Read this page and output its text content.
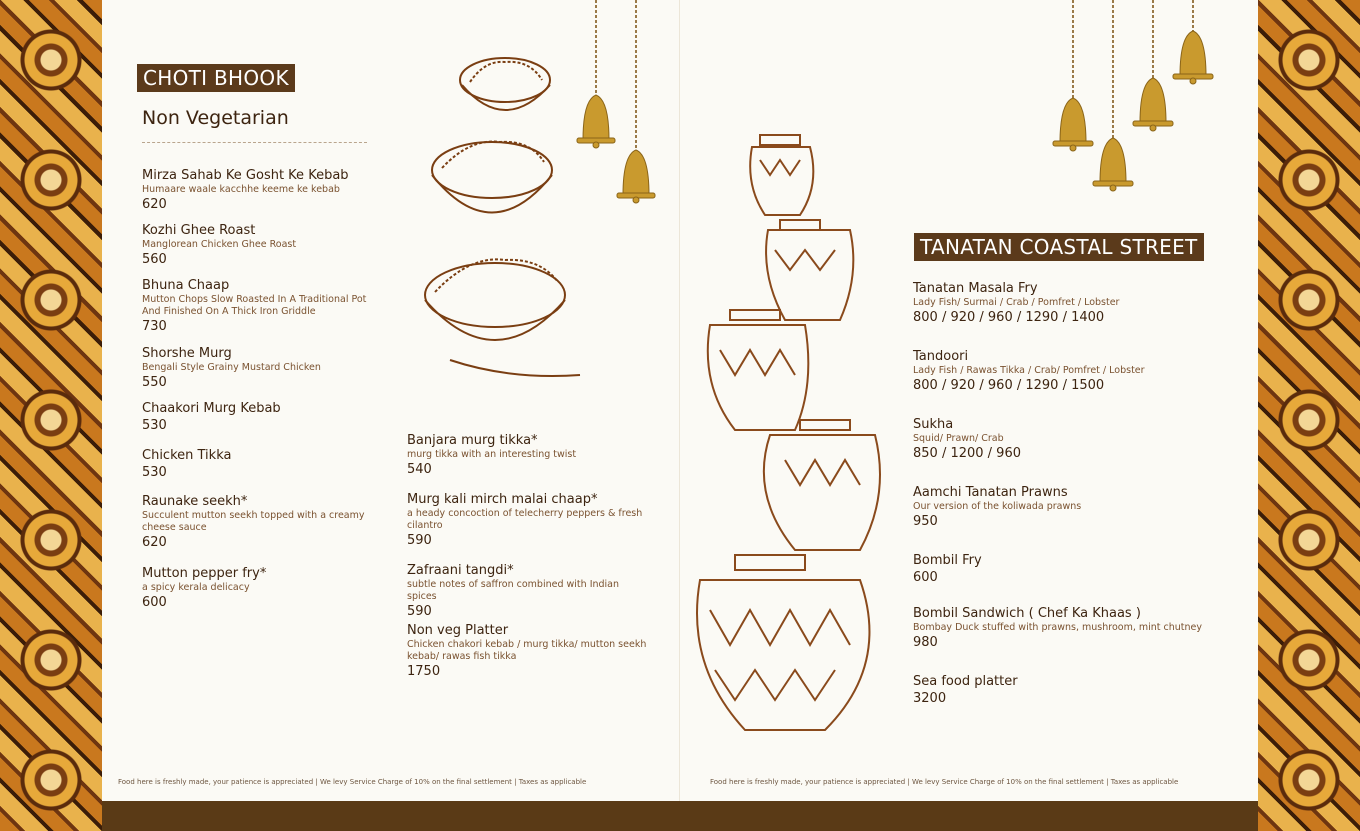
CHOTI BHOOK
Non Vegetarian
Mirza Sahab Ke Gosht Ke Kebab
Humaare waale kacchhe keeme ke kebab
620
Kozhi Ghee Roast
Manglorean Chicken Ghee Roast
560
Bhuna Chaap
Mutton Chops Slow Roasted In A Traditional Pot And Finished On A Thick Iron Griddle
730
Shorshe Murg
Bengali Style Grainy Mustard Chicken
550
Chaakori Murg Kebab
530
Chicken Tikka
530
Raunake seekh*
Succulent mutton seekh topped with a creamy cheese sauce
620
Mutton pepper fry*
a spicy kerala delicacy
600
Banjara murg tikka*
murg tikka with an interesting twist
540
Murg kali mirch malai chaap*
a heady concoction of telecherry peppers & fresh cilantro
590
Zafraani tangdi*
subtle notes of saffron combined with Indian spices
590
Non veg Platter
Chicken chakori kebab / murg tikka/ mutton seekh kebab/ rawas fish tikka
1750
Food here is freshly made, your patience is appreciated | We levy Service Charge of 10% on the final settlement | Taxes as applicable
TANATAN COASTAL STREET
Tanatan Masala Fry
Lady Fish/ Surmai / Crab / Pomfret / Lobster
800 / 920 / 960 / 1290 / 1400
Tandoori
Lady Fish / Rawas Tikka / Crab/ Pomfret / Lobster
800 / 920 / 960 / 1290 / 1500
Sukha
Squid/ Prawn/ Crab
850 / 1200 / 960
Aamchi Tanatan Prawns
Our version of the koliwada prawns
950
Bombil Fry
600
Bombil Sandwich ( Chef Ka Khaas )
Bombay Duck stuffed with prawns, mushroom, mint chutney
980
Sea food platter
3200
Food here is freshly made, your patience is appreciated | We levy Service Charge of 10% on the final settlement | Taxes as applicable
